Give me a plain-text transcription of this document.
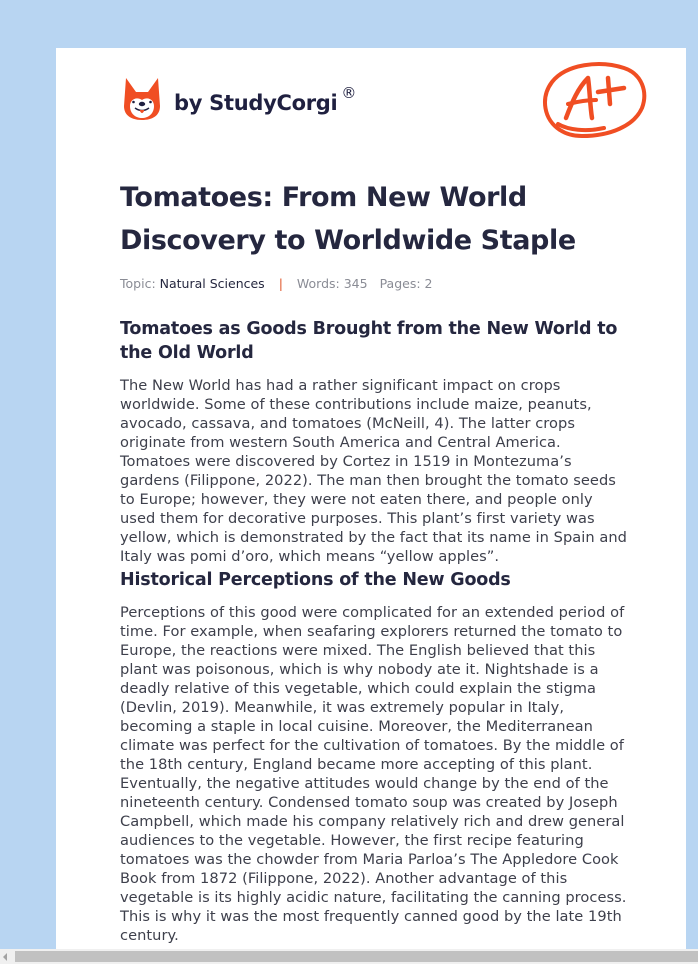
by StudyCorgi ®
Tomatoes: From New World Discovery to Worldwide Staple
Topic: Natural Sciences | Words: 345 Pages: 2
Tomatoes as Goods Brought from the New World to the Old World

The New World has had a rather significant impact on crops worldwide. Some of these contributions include maize, peanuts, avocado, cassava, and tomatoes (McNeill, 4). The latter crops originate from western South America and Central America. Tomatoes were discovered by Cortez in 1519 in Montezuma’s gardens (Filippone, 2022). The man then brought the tomato seeds to Europe; however, they were not eaten there, and people only used them for decorative purposes. This plant’s first variety was yellow, which is demonstrated by the fact that its name in Spain and Italy was pomi d’oro, which means “yellow apples”.

Historical Perceptions of the New Goods

Perceptions of this good were complicated for an extended period of time. For example, when seafaring explorers returned the tomato to Europe, the reactions were mixed. The English believed that this plant was poisonous, which is why nobody ate it. Nightshade is a deadly relative of this vegetable, which could explain the stigma (Devlin, 2019). Meanwhile, it was extremely popular in Italy, becoming a staple in local cuisine. Moreover, the Mediterranean climate was perfect for the cultivation of tomatoes. By the middle of the 18th century, England became more accepting of this plant. Eventually, the negative attitudes would change by the end of the nineteenth century. Condensed tomato soup was created by Joseph Campbell, which made his company relatively rich and drew general audiences to the vegetable. However, the first recipe featuring tomatoes was the chowder from Maria Parloa’s The Appledore Cook Book from 1872 (Filippone, 2022). Another advantage of this vegetable is its highly acidic nature, facilitating the canning process. This is why it was the most frequently canned good by the late 19th century.
